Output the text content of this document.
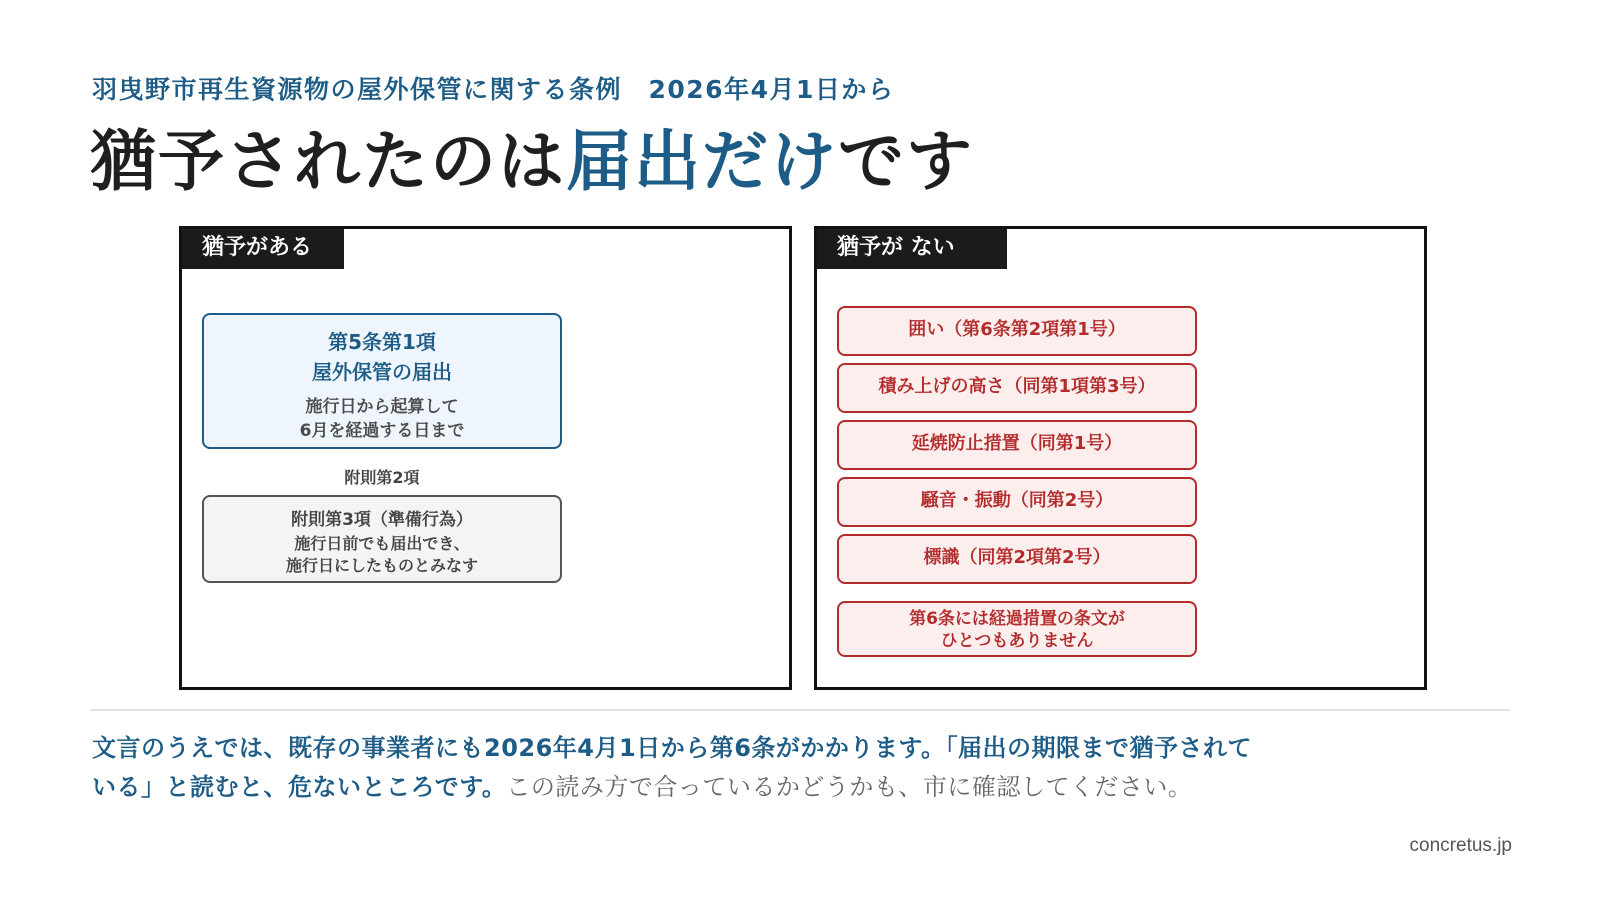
羽曳野市再生資源物の屋外保管に関する条例　2026年4月1日から
猶予されたのは届出だけです
猶予がある
第5条第1項
屋外保管の届出
施行日から起算して
6月を経過する日まで
附則第2項
附則第3項（準備行為）
施行日前でも届出でき、
施行日にしたものとみなす
猶予が ない
囲い（第6条第2項第1号）
積み上げの高さ（同第1項第3号）
延焼防止措置（同第1号）
騒音・振動（同第2号）
標識（同第2項第2号）
第6条には経過措置の条文が
ひとつもありません
文言のうえでは、既存の事業者にも2026年4月1日から第6条がかかります。「届出の期限まで猶予されている」と読むと、危ないところです。この読み方で合っているかどうかも、市に確認してください。
concretus.jp
